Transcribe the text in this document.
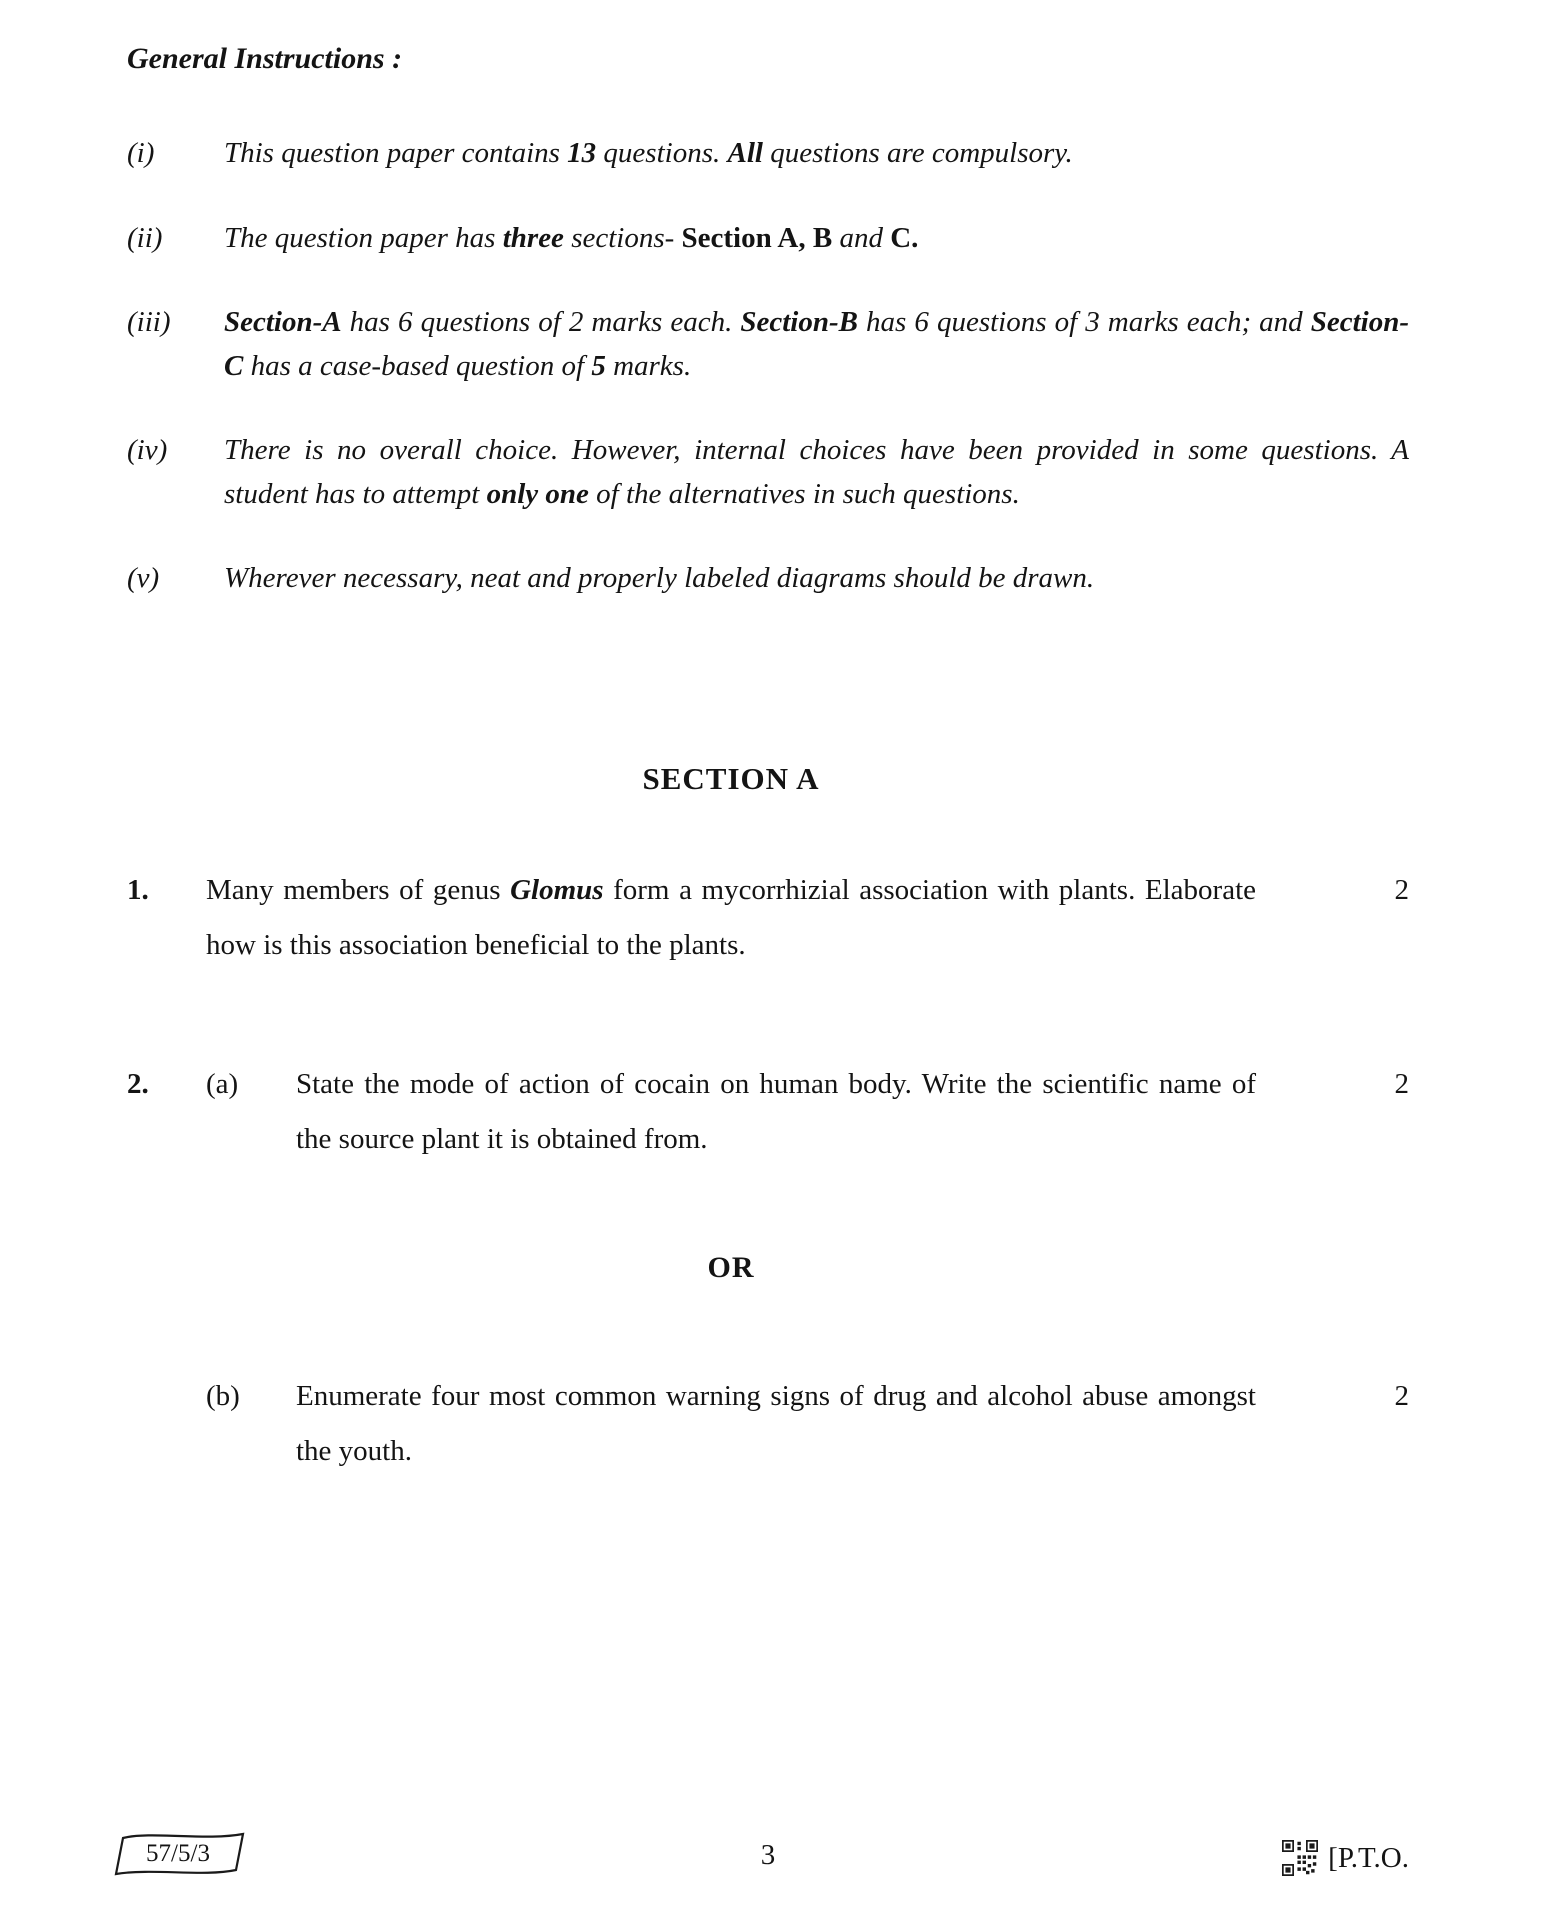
General Instructions :
(i)	This question paper contains 13 questions. All questions are compulsory.
(ii)	The question paper has three sections- Section A, B and C.
(iii)	Section-A has 6 questions of 2 marks each. Section-B has 6 questions of 3 marks each; and Section-C has a case-based question of 5 marks.
(iv)	There is no overall choice. However, internal choices have been provided in some questions. A student has to attempt only one of the alternatives in such questions.
(v)	Wherever necessary, neat and properly labeled diagrams should be drawn.
SECTION A
1.	Many members of genus Glomus form a mycorrhizial association with plants. Elaborate how is this association beneficial to the plants.
2
2.	(a)	State the mode of action of cocain on human body. Write the scientific name of the source plant it is obtained from.
2
OR
(b)	Enumerate four most common warning signs of drug and alcohol abuse amongst the youth.
2
57/5/3	3	[P.T.O.
